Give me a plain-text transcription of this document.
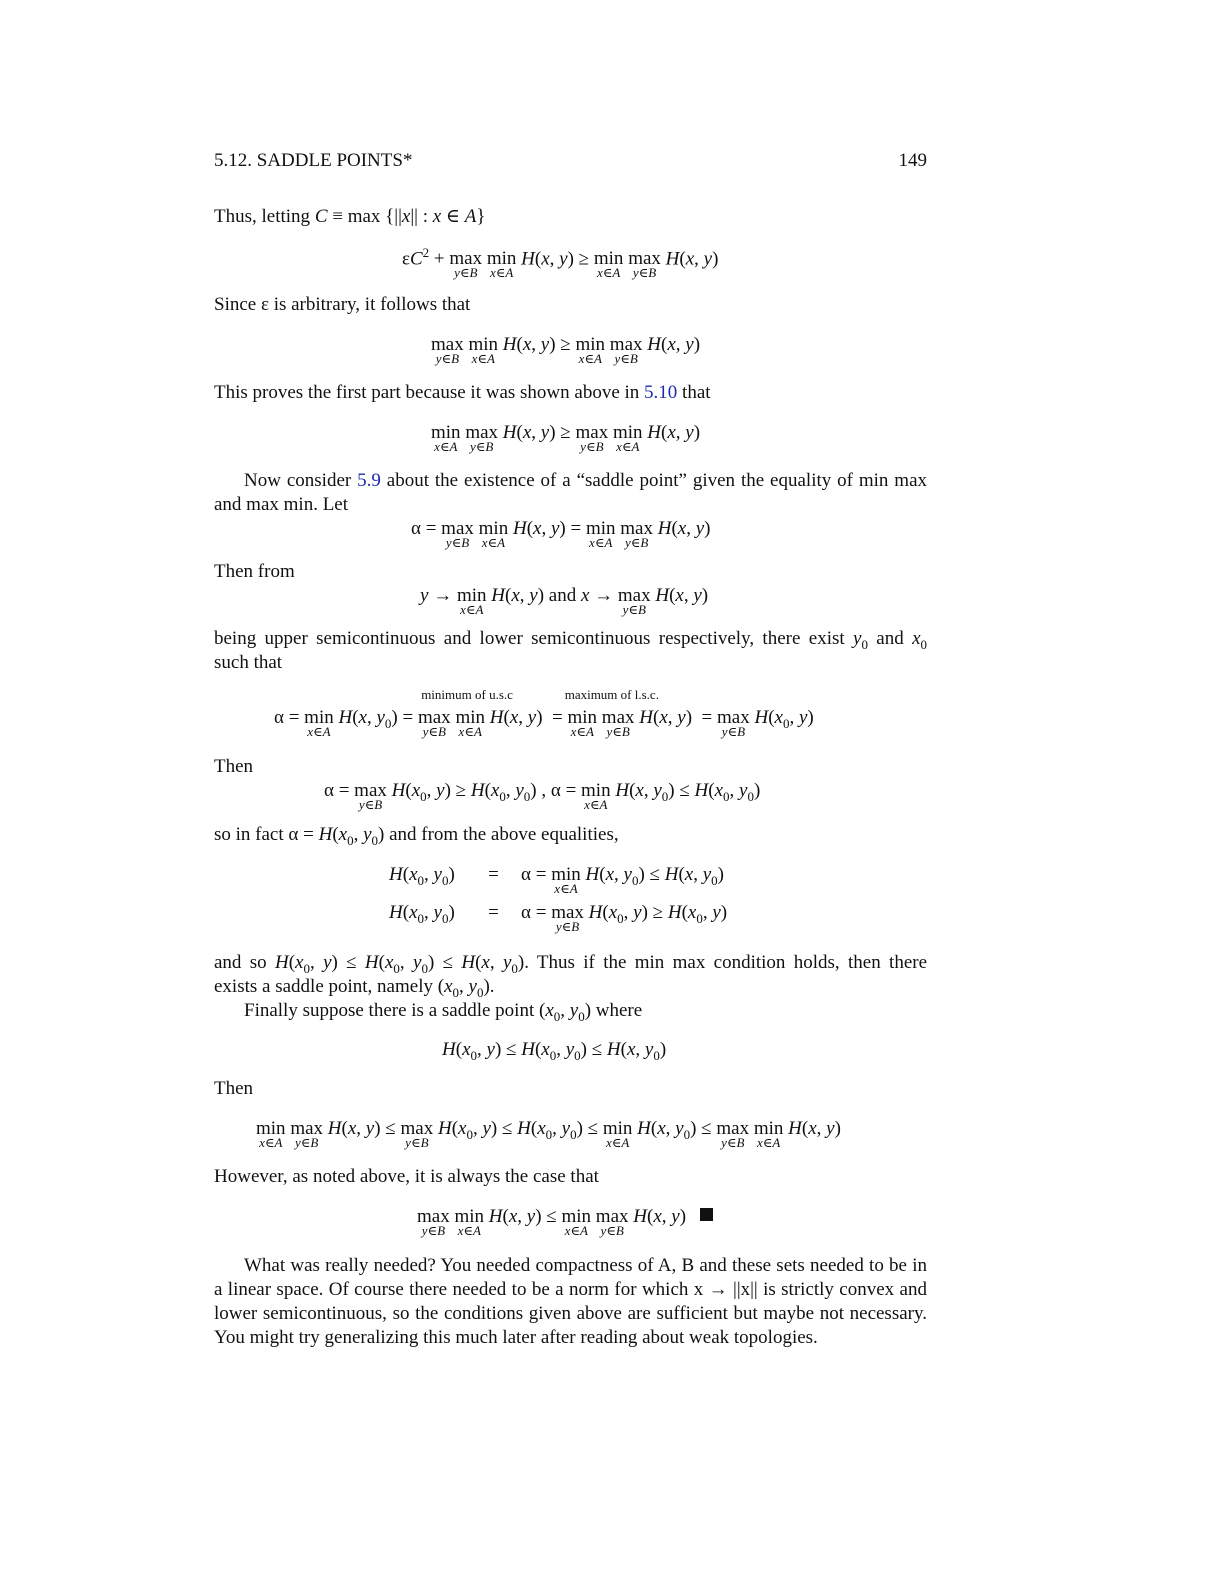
5.12. SADDLE POINTS*	149
Thus, letting C ≡ max {||x|| : x ∈ A}
$\varepsilon C^2 + \max$
y∈B
min
x∈A
H(x, y) ≥ min
x∈A
max
y∈B
H(x, y)
Since ε is arbitrary, it follows that
max
y∈B
min
x∈A
H(x, y) ≥ min
x∈A
max
y∈B
H(x, y)
This proves the first part because it was shown above in 5.10 that
min
x∈A
max
y∈B
H(x, y) ≥ max
y∈B
min
x∈A
H(x, y)
Now consider 5.9 about the existence of a “saddle point” given the equality of min max
and max min. Let
α = max
y∈B
min
x∈A
H(x, y) = min
x∈A
max
y∈B
H(x, y)
Then from
y → min
x∈A
H(x, y) and x → max
y∈B
H(x, y)
being upper semicontinuous and lower semicontinuous respectively, there exist $y_0$ and $x_0$
such that
α = min
x∈A
H(x, $y_0) = \max$
y∈B
minimum of u.s.c
min
x∈A
H(x, y)  = min
x∈A
maximum of l.s.c.
max
y∈B
H(x, y)  = max
y∈B
$H(x_0$, y)
Then
α = max
y∈B
$H(x_0$, $y) \ge H(x_0$, $y_0$) , α = min
x∈A
H(x, $y_0) \le H(x_0$, $y_0$)
so in fact $\alpha = H(x_0$, $y_0$) and from the above equalities,
$H(x_0$, $y_0) = \alpha = \min$
x∈A
H(x, $y_0) \le H(x$, $y_0$)
$H(x_0$, $y_0) = \alpha = \max$
y∈B
$H(x_0$, $y) \ge H(x_0$, y)
and so $H(x_0$, $y) \le H(x_0$, $y_0) \le H(x$, $y_0$). Thus if the min max condition holds, then there
exists a saddle point, namely ($x_0$, $y_0$).
Finally suppose there is a saddle point ($x_0$, $y_0$) where
$H(x_0$, $y) \le H(x_0$, $y_0) \le H(x$, $y_0$)
Then
min
x∈A
max
y∈B
H(x, y) ≤ max
y∈B
$H(x_0$, $y) \le H(x_0$, $y_0) \le \min$
x∈A
H(x, $y_0) \le \max$
y∈B
min
x∈A
H(x, y)
However, as noted above, it is always the case that
max
y∈B
min
x∈A
H(x, y) ≤ min
x∈A
max
y∈B
H(x, y)
What was really needed? You needed compactness of A, B and these sets needed to be in
a linear space. Of course there needed to be a norm for which x → ||x|| is strictly convex and
lower semicontinuous, so the conditions given above are sufficient but maybe not necessary.
You might try generalizing this much later after reading about weak topologies.
